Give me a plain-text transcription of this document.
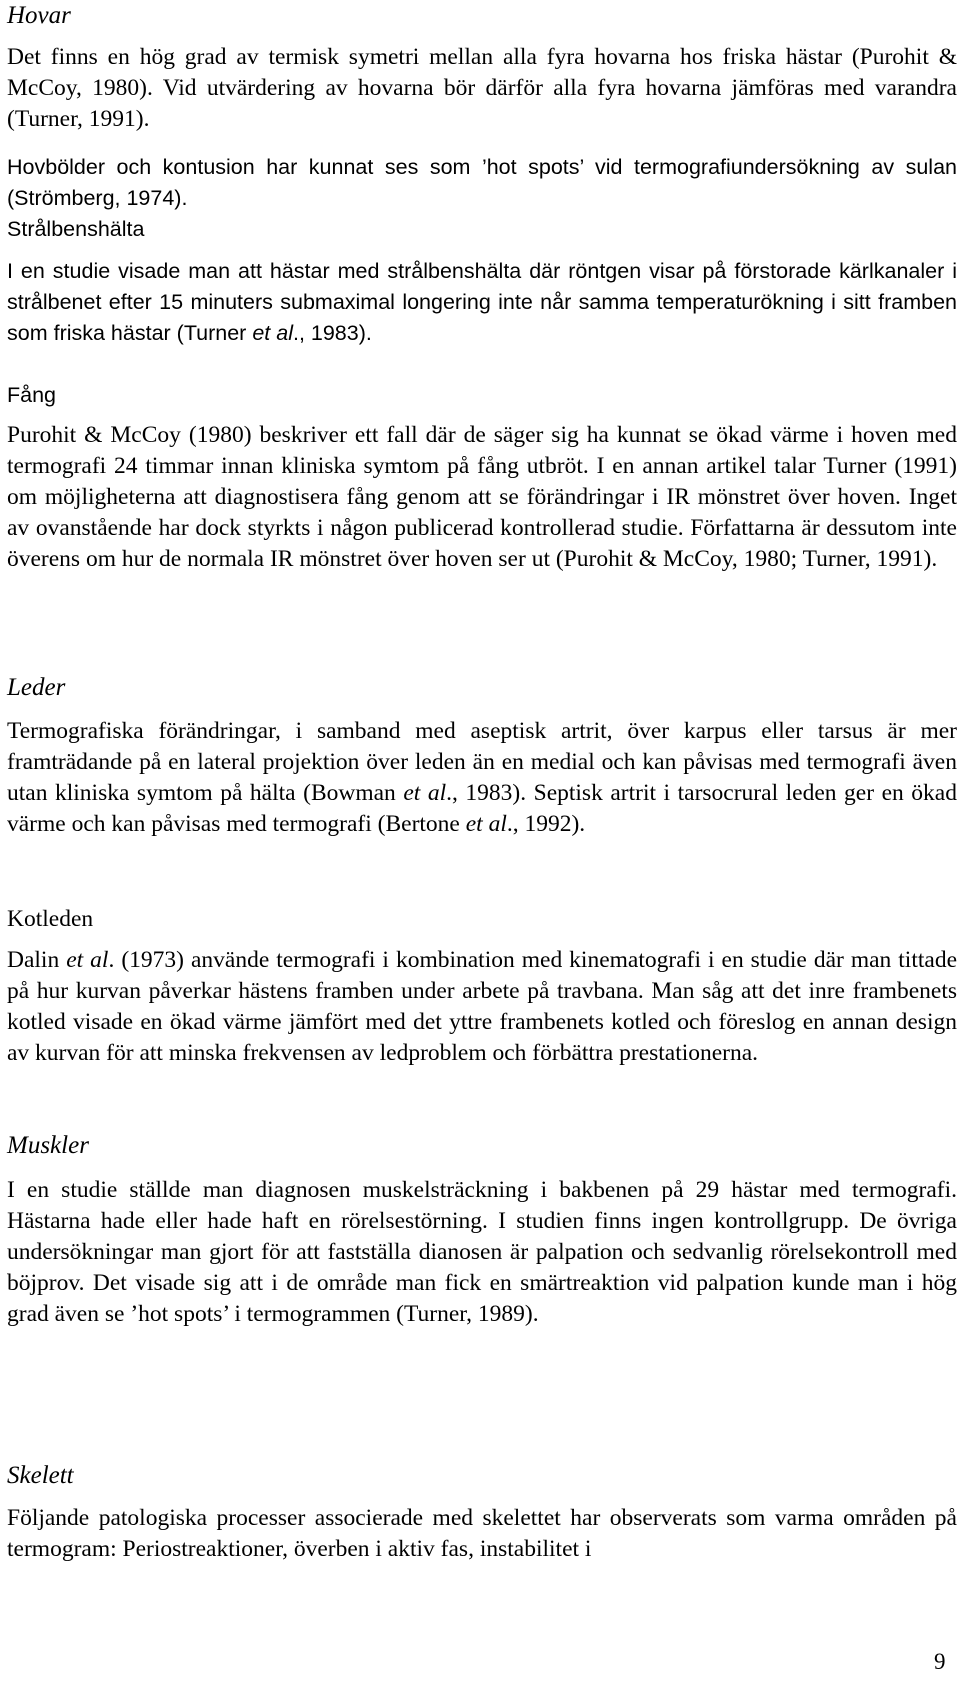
Hovar

Det finns en hög grad av termisk symetri mellan alla fyra hovarna hos friska hästar (Purohit & McCoy, 1980). Vid utvärdering av hovarna bör därför alla fyra hovarna jämföras med varandra (Turner, 1991).

Hovbölder och kontusion har kunnat ses som ’hot spots’ vid termografiundersökning av sulan (Strömberg, 1974).

Strålbenshälta

I en studie visade man att hästar med strålbenshälta där röntgen visar på förstorade kärlkanaler i strålbenet efter 15 minuters submaximal longering inte når samma temperaturökning i sitt framben som friska hästar (Turner et al., 1983).

Fång

Purohit & McCoy (1980) beskriver ett fall där de säger sig ha kunnat se ökad värme i hoven med termografi 24 timmar innan kliniska symtom på fång utbröt. I en annan artikel talar Turner (1991) om möjligheterna att diagnostisera fång genom att se förändringar i IR mönstret över hoven. Inget av ovanstående har dock styrkts i någon publicerad kontrollerad studie. Författarna är dessutom inte överens om hur de normala IR mönstret över hoven ser ut (Purohit & McCoy, 1980; Turner, 1991).

Leder

Termografiska förändringar, i samband med aseptisk artrit, över karpus eller tarsus är mer framträdande på en lateral projektion över leden än en medial och kan påvisas med termografi även utan kliniska symtom på hälta (Bowman et al., 1983). Septisk artrit i tarsocrural leden ger en ökad värme och kan påvisas med termografi (Bertone et al., 1992).

Kotleden

Dalin et al. (1973) använde termografi i kombination med kinematografi i en studie där man tittade på hur kurvan påverkar hästens framben under arbete på travbana. Man såg att det inre frambenets kotled visade en ökad värme jämfört med det yttre frambenets kotled och föreslog en annan design av kurvan för att minska frekvensen av ledproblem och förbättra prestationerna.

Muskler

I en studie ställde man diagnosen muskelsträckning i bakbenen på 29 hästar med termografi. Hästarna hade eller hade haft en rörelsestörning. I studien finns ingen kontrollgrupp. De övriga undersökningar man gjort för att fastställa dianosen är palpation och sedvanlig rörelsekontroll med böjprov. Det visade sig att i de område man fick en smärtreaktion vid palpation kunde man i hög grad även se ’hot spots’ i termogrammen (Turner, 1989).

Skelett

Följande patologiska processer associerade med skelettet har observerats som varma områden på termogram: Periostreaktioner, överben i aktiv fas, instabilitet i

9
